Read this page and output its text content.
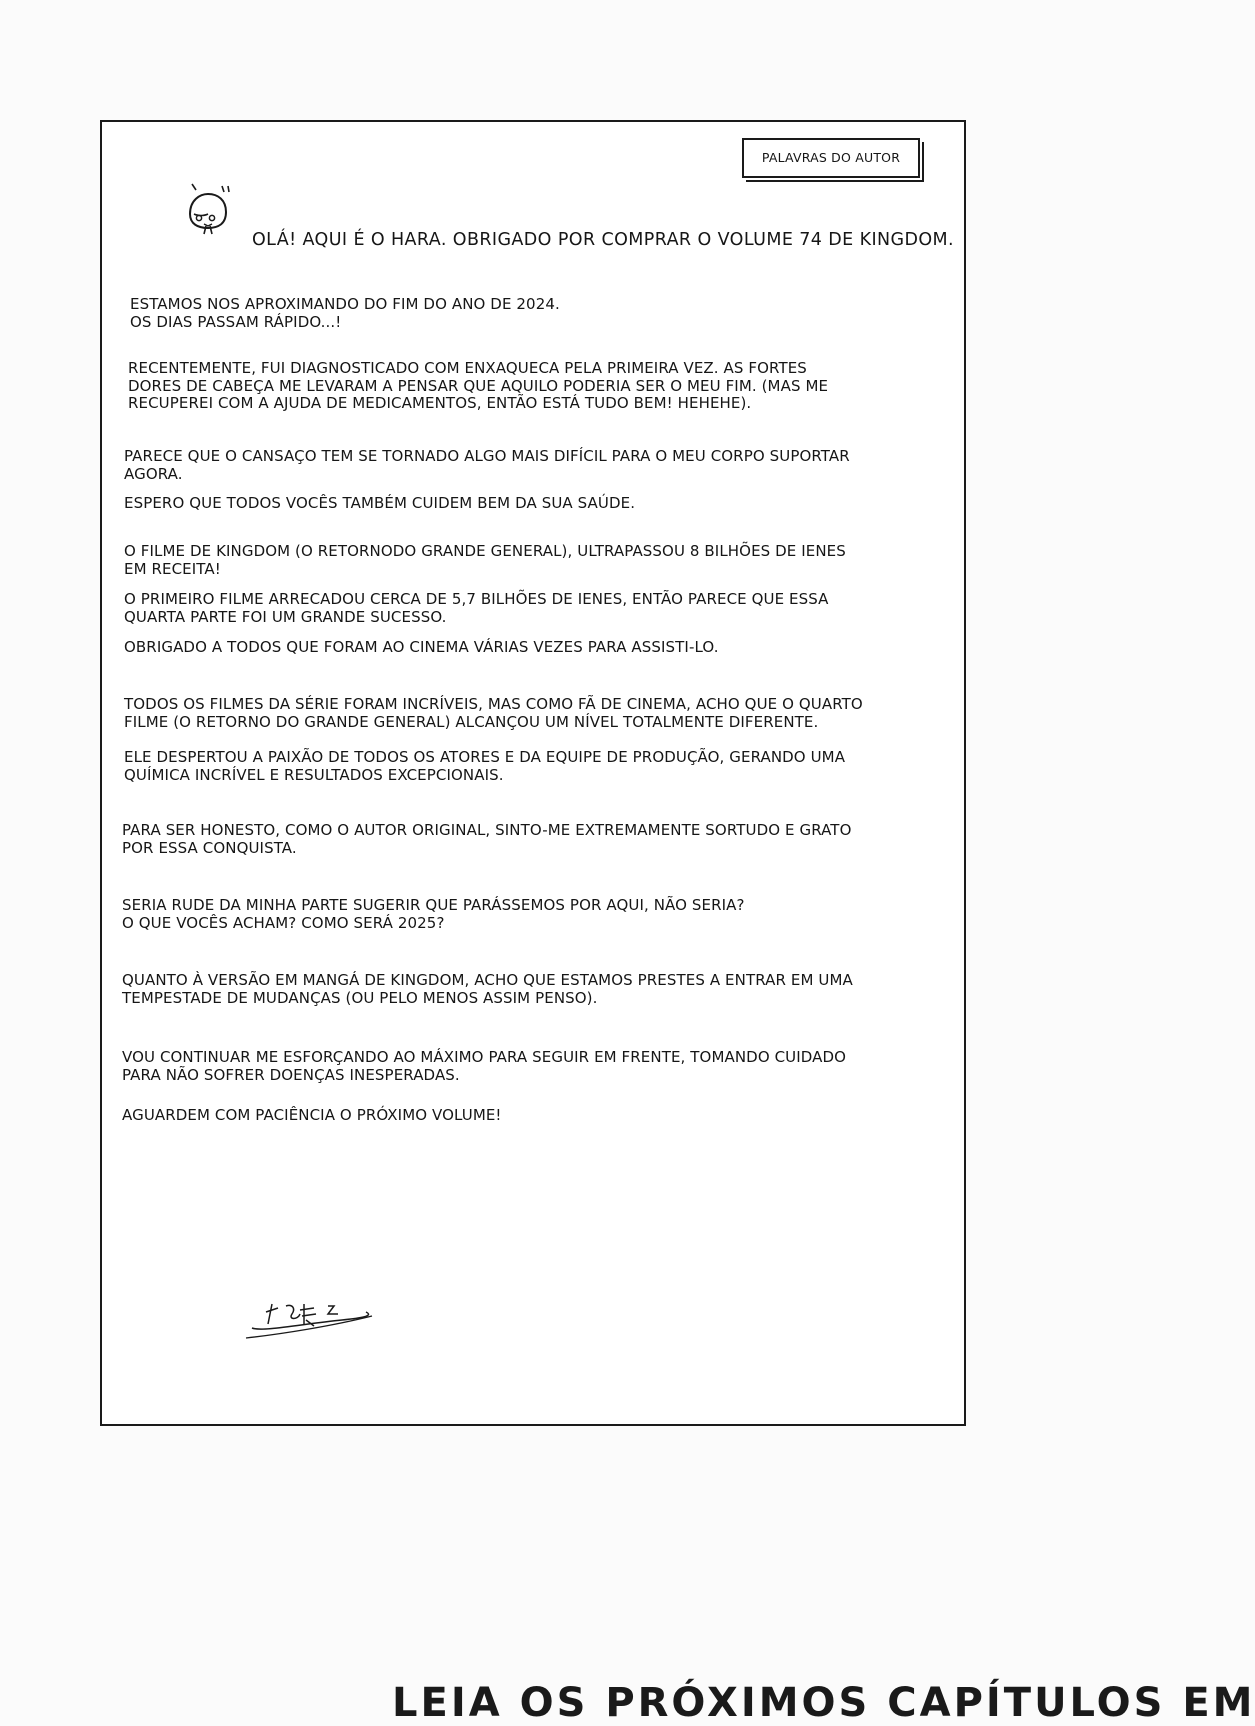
PALAVRAS DO AUTOR
OLÁ! AQUI É O HARA. OBRIGADO POR COMPRAR O VOLUME 74 DE KINGDOM.

ESTAMOS NOS APROXIMANDO DO FIM DO ANO DE 2024.
OS DIAS PASSAM RÁPIDO...!

RECENTEMENTE, FUI DIAGNOSTICADO COM ENXAQUECA PELA PRIMEIRA VEZ. AS FORTES DORES DE CABEÇA ME LEVARAM A PENSAR QUE AQUILO PODERIA SER O MEU FIM. (MAS ME RECUPEREI COM A AJUDA DE MEDICAMENTOS, ENTÃO ESTÁ TUDO BEM! HEHEHE).

PARECE QUE O CANSAÇO TEM SE TORNADO ALGO MAIS DIFÍCIL PARA O MEU CORPO SUPORTAR AGORA.

ESPERO QUE TODOS VOCÊS TAMBÉM CUIDEM BEM DA SUA SAÚDE.

O FILME DE KINGDOM (O RETORNODO GRANDE GENERAL), ULTRAPASSOU 8 BILHÕES DE IENES EM RECEITA!

O PRIMEIRO FILME ARRECADOU CERCA DE 5,7 BILHÕES DE IENES, ENTÃO PARECE QUE ESSA QUARTA PARTE FOI UM GRANDE SUCESSO.

OBRIGADO A TODOS QUE FORAM AO CINEMA VÁRIAS VEZES PARA ASSISTI-LO.

TODOS OS FILMES DA SÉRIE FORAM INCRÍVEIS, MAS COMO FÃ DE CINEMA, ACHO QUE O QUARTO FILME (O RETORNO DO GRANDE GENERAL) ALCANÇOU UM NÍVEL TOTALMENTE DIFERENTE.

ELE DESPERTOU A PAIXÃO DE TODOS OS ATORES E DA EQUIPE DE PRODUÇÃO, GERANDO UMA QUÍMICA INCRÍVEL E RESULTADOS EXCEPCIONAIS.

PARA SER HONESTO, COMO O AUTOR ORIGINAL, SINTO-ME EXTREMAMENTE SORTUDO E GRATO POR ESSA CONQUISTA.

SERIA RUDE DA MINHA PARTE SUGERIR QUE PARÁSSEMOS POR AQUI, NÃO SERIA?
O QUE VOCÊS ACHAM? COMO SERÁ 2025?

QUANTO À VERSÃO EM MANGÁ DE KINGDOM, ACHO QUE ESTAMOS PRESTES A ENTRAR EM UMA TEMPESTADE DE MUDANÇAS (OU PELO MENOS ASSIM PENSO).

VOU CONTINUAR ME ESFORÇANDO AO MÁXIMO PARA SEGUIR EM FRENTE, TOMANDO CUIDADO PARA NÃO SOFRER DOENÇAS INESPERADAS.

AGUARDEM COM PACIÊNCIA O PRÓXIMO VOLUME!

LEIA OS PRÓXIMOS CAPÍTULOS EM
